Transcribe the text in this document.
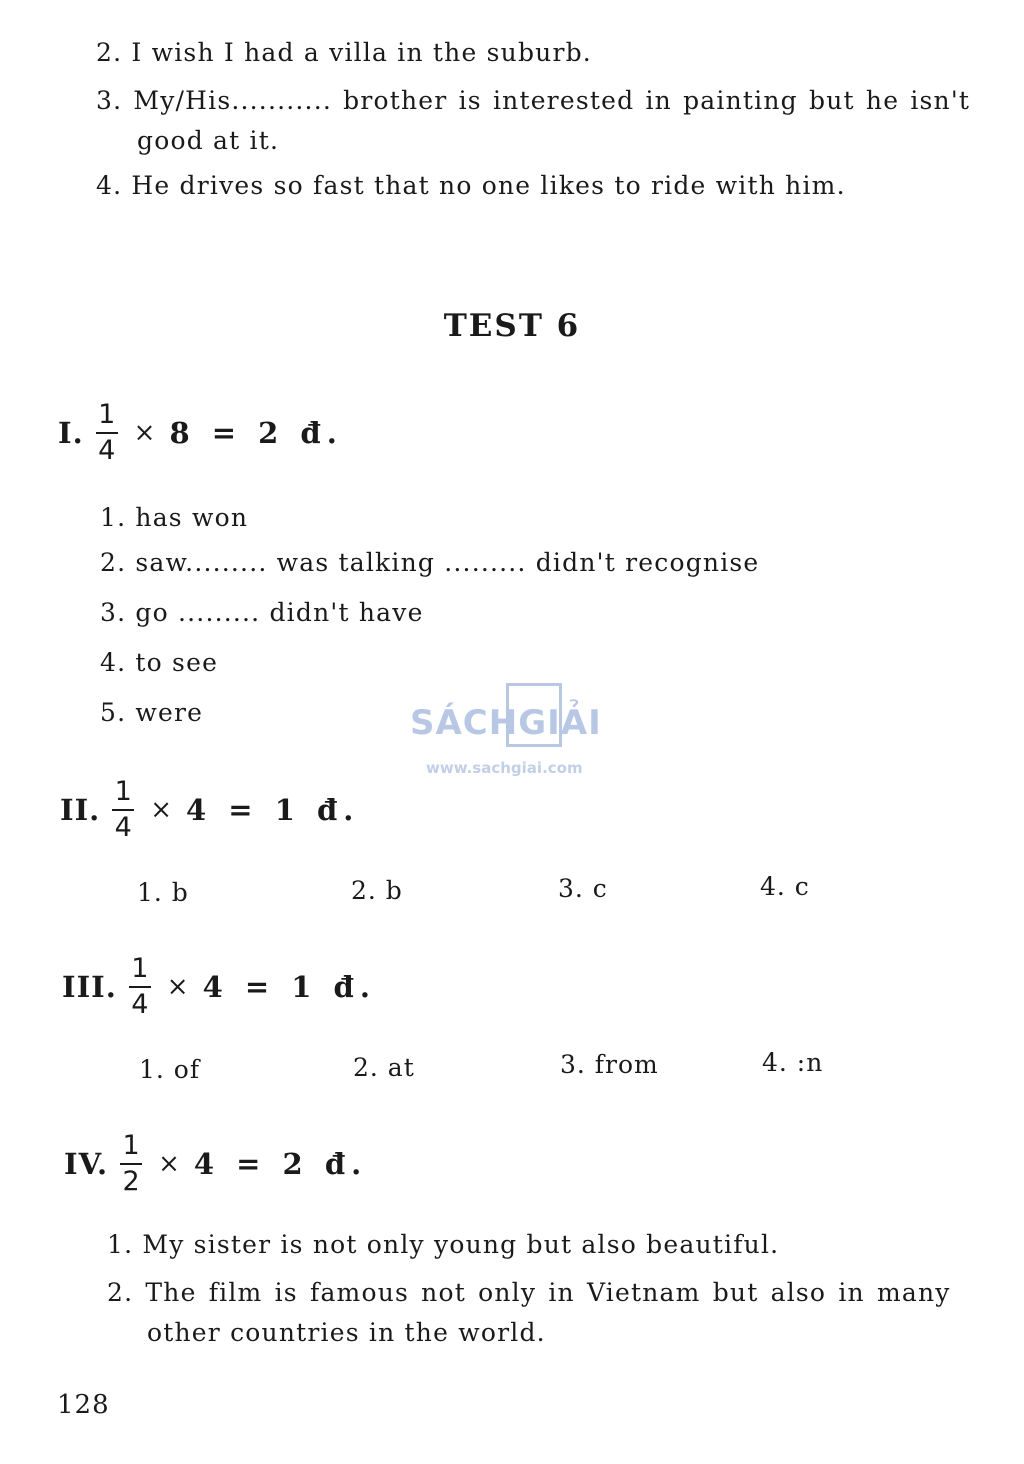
2. I wish I had a villa in the suburb.
3. My/His........... brother is interested in painting but he isn't
good at it.
4. He drives so fast that no one likes to ride with him.
TEST 6
I. $\frac{1}{4} \times 8 = 2$ đ.
1. has won
2. saw......... was talking ......... didn't recognise
3. go ......... didn't have
4. to see
5. were	SÁCHGIẢI
www.sachgiai.com
II. $\frac{1}{4} \times 4 = 1$ đ.
1. b	2. b	3. c	4. c
III. $\frac{1}{4} \times 4 = 1$ đ.
1. of	2. at	3. from	4. :n
IV. $\frac{1}{2} \times 4 = 2$ đ.
1. My sister is not only young but also beautiful.
2. The film is famous not only in Vietnam but also in many
other countries in the world.
128
